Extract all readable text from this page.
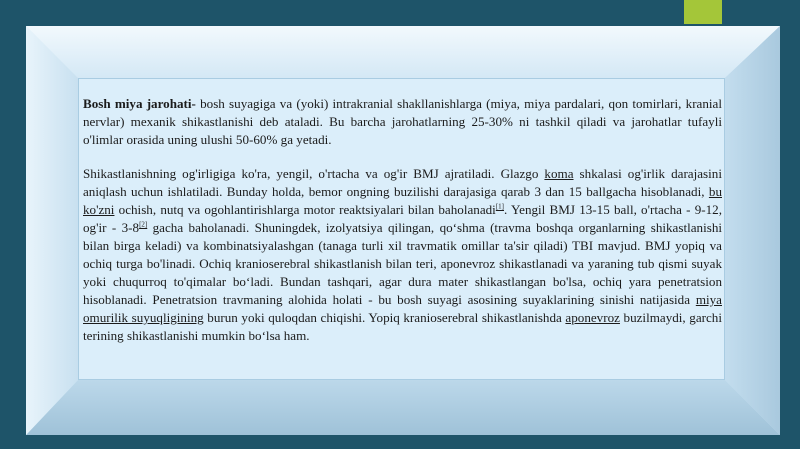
Bosh miya jarohati- bosh suyagiga va (yoki) intrakranial shakllanishlarga (miya, miya pardalari, qon tomirlari, kranial nervlar) mexanik shikastlanishi deb ataladi. Bu barcha jarohatlarning 25-30% ni tashkil qiladi va jarohatlar tufayli o'limlar orasida uning ulushi 50-60% ga yetadi.

Shikastlanishning og'irligiga ko'ra, yengil, o'rtacha va og'ir BMJ ajratiladi. Glazgo koma shkalasi og'irlik darajasini aniqlash uchun ishlatiladi. Bunday holda, bemor ongning buzilishi darajasiga qarab 3 dan 15 ballgacha hisoblanadi, bu ko'zni ochish, nutq va ogohlantirishlarga motor reaktsiyalari bilan baholanadi[1]. Yengil BMJ 13-15 ball, o'rtacha - 9-12, og'ir - 3-8[2] gacha baholanadi. Shuningdek, izolyatsiya qilingan, qo‘shma (travma boshqa organlarning shikastlanishi bilan birga keladi) va kombinatsiyalashgan (tanaga turli xil travmatik omillar ta'sir qiladi) TBI mavjud. BMJ yopiq va ochiq turga bo'linadi. Ochiq kranioserebral shikastlanish bilan teri, aponevroz shikastlanadi va yaraning tub qismi suyak yoki chuqurroq to'qimalar bo‘ladi. Bundan tashqari, agar dura mater shikastlangan bo'lsa, ochiq yara penetratsion hisoblanadi. Penetratsion travmaning alohida holati - bu bosh suyagi asosining suyaklarining sinishi natijasida miya omurilik suyuqligining burun yoki quloqdan chiqishi. Yopiq kranioserebral shikastlanishda aponevroz buzilmaydi, garchi terining shikastlanishi mumkin bo‘lsa ham.
